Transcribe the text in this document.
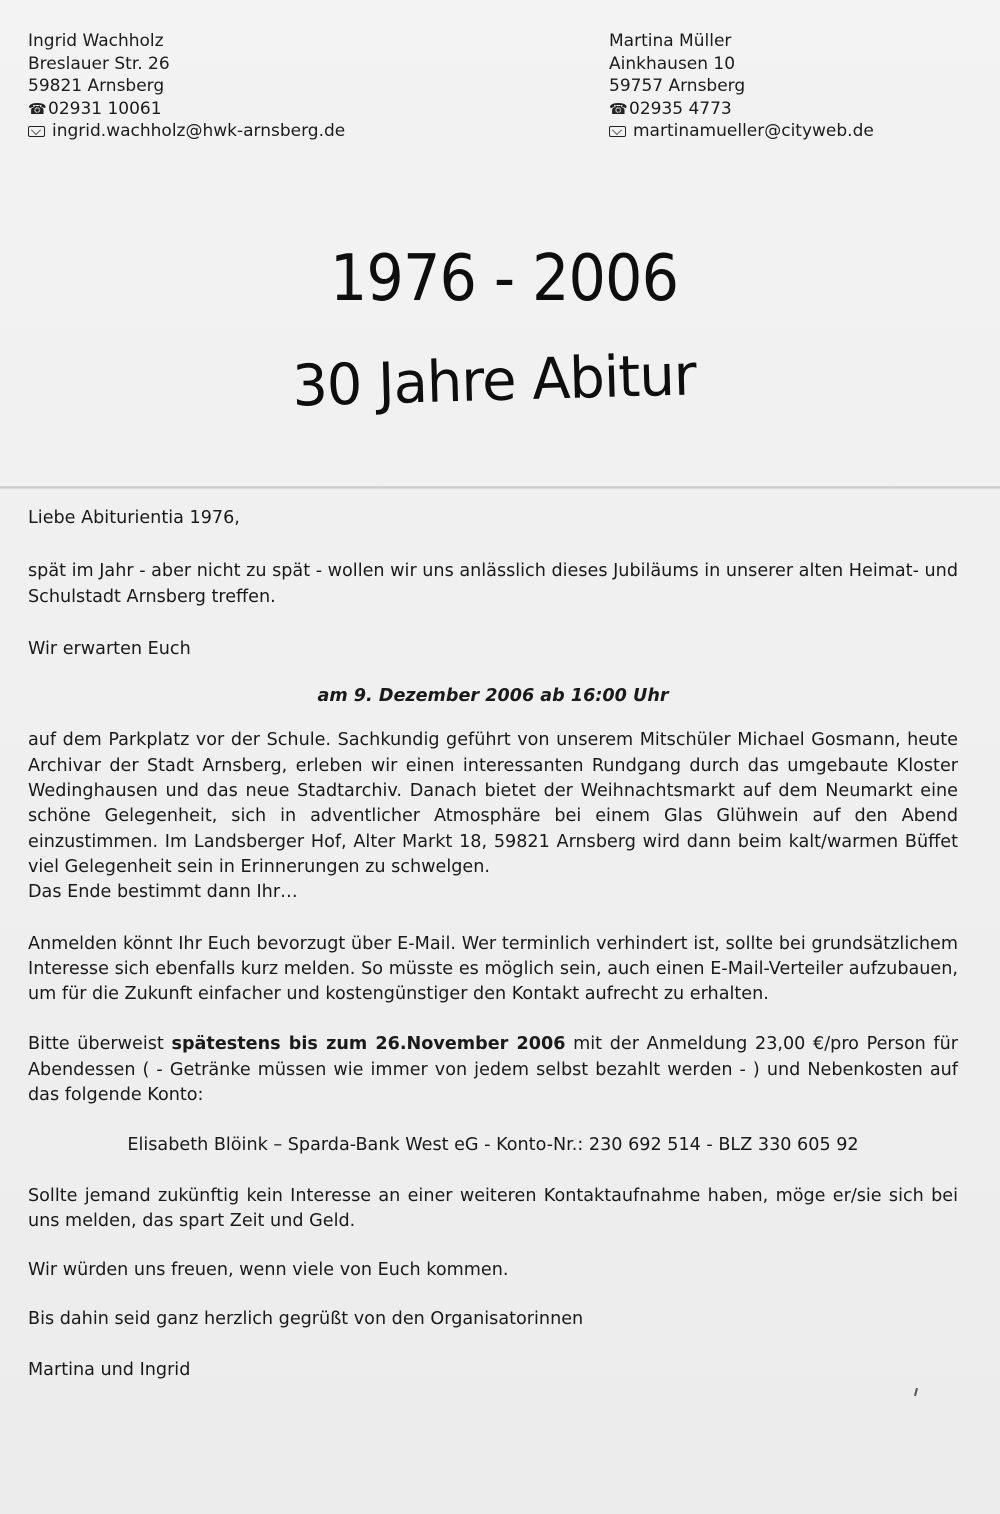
Ingrid Wachholz
Breslauer Str. 26
59821 Arnsberg
☎02931 10061
ingrid.wachholz@hwk-arnsberg.de
Martina Müller
Ainkhausen 10
59757 Arnsberg
☎02935 4773
martinamueller@cityweb.de
1976 - 2006
30 Jahre Abitur

Liebe Abiturientia 1976,

spät im Jahr - aber nicht zu spät - wollen wir uns anlässlich dieses Jubiläums in unserer alten Heimat- und Schulstadt Arnsberg treffen.

Wir erwarten Euch

am 9. Dezember 2006 ab 16:00 Uhr

auf dem Parkplatz vor der Schule. Sachkundig geführt von unserem Mitschüler Michael Gosmann, heute Archivar der Stadt Arnsberg, erleben wir einen interessanten Rundgang durch das umgebaute Kloster Wedinghausen und das neue Stadtarchiv. Danach bietet der Weihnachtsmarkt auf dem Neumarkt eine schöne Gelegenheit, sich in adventlicher Atmosphäre bei einem Glas Glühwein auf den Abend einzustimmen. Im Landsberger Hof, Alter Markt 18, 59821 Arnsberg wird dann beim kalt/warmen Büffet viel Gelegenheit sein in Erinnerungen zu schwelgen.

Das Ende bestimmt dann Ihr…

Anmelden könnt Ihr Euch bevorzugt über E-Mail. Wer terminlich verhindert ist, sollte bei grundsätzlichem Interesse sich ebenfalls kurz melden. So müsste es möglich sein, auch einen E-Mail-Verteiler aufzubauen, um für die Zukunft einfacher und kostengünstiger den Kontakt aufrecht zu erhalten.

Bitte überweist spätestens bis zum 26.November 2006 mit der Anmeldung 23,00 €/pro Person für Abendessen ( - Getränke müssen wie immer von jedem selbst bezahlt werden - ) und Nebenkosten auf das folgende Konto:

Elisabeth Blöink – Sparda-Bank West eG - Konto-Nr.: 230 692 514 - BLZ 330 605 92

Sollte jemand zukünftig kein Interesse an einer weiteren Kontaktaufnahme haben, möge er/sie sich bei uns melden, das spart Zeit und Geld.

Wir würden uns freuen, wenn viele von Euch kommen.

Bis dahin seid ganz herzlich gegrüßt von den Organisatorinnen

Martina und Ingrid
